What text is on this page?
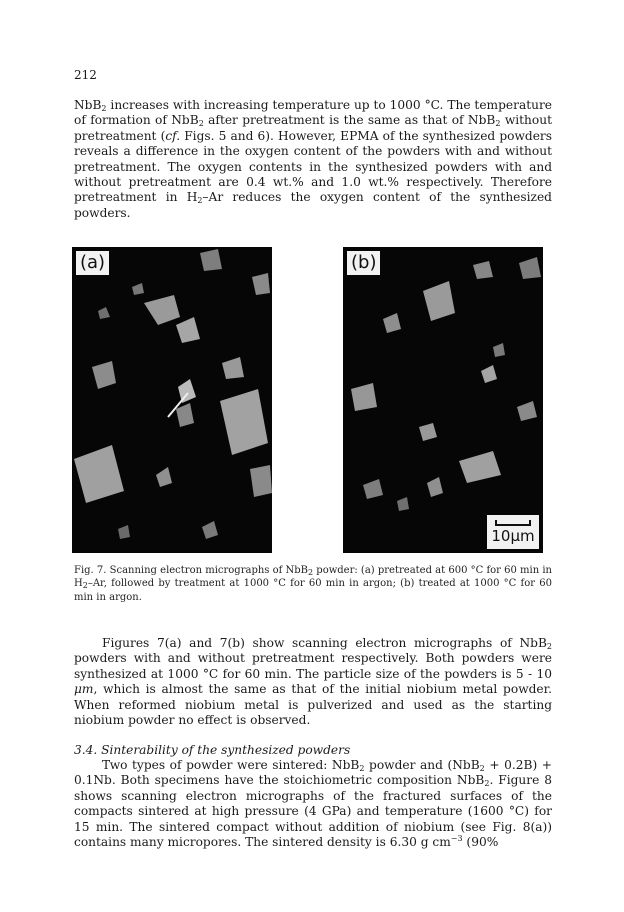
212

NbB$_2$ increases with increasing temperature up to 1000 °C. The temperature of formation of NbB$_2$ after pretreatment is the same as that of NbB$_2$ without pretreatment (cf. Figs. 5 and 6). However, EPMA of the synthesized powders reveals a difference in the oxygen content of the powders with and without pretreatment. The oxygen contents in the synthesized powders with and without pretreatment are 0.4 wt.% and 1.0 wt.% respectively. Therefore pretreatment in $H_2-Ar$ reduces the oxygen content of the synthesized powders.

(a)	(b)
10μm

Fig. 7. Scanning electron micrographs of NbB$_2$ powder: (a) pretreated at 600 °C for 60 min in $H_2-Ar$, followed by treatment at 1000 °C for 60 min in argon; (b) treated at 1000 °C for 60 min in argon.

Figures 7(a) and 7(b) show scanning electron micrographs of NbB$_2$ powders with and without pretreatment respectively. Both powders were synthesized at 1000 °C for 60 min. The particle size of the powders is 5 - 10 μm, which is almost the same as that of the initial niobium metal powder. When reformed niobium metal is pulverized and used as the starting niobium powder no effect is observed.

3.4. Sinterability of the synthesized powders

Two types of powder were sintered: NbB$_2$ powder and (NbB$_2$ + 0.2B) + 0.1Nb. Both specimens have the stoichiometric composition NbB$_2$. Figure 8 shows scanning electron micrographs of the fractured surfaces of the compacts sintered at high pressure (4 GPa) and temperature (1600 °C) for 15 min. The sintered compact without addition of niobium (see Fig. 8(a)) contains many micropores. The sintered density is 6.30 g $cm^{-3}$ (90%
